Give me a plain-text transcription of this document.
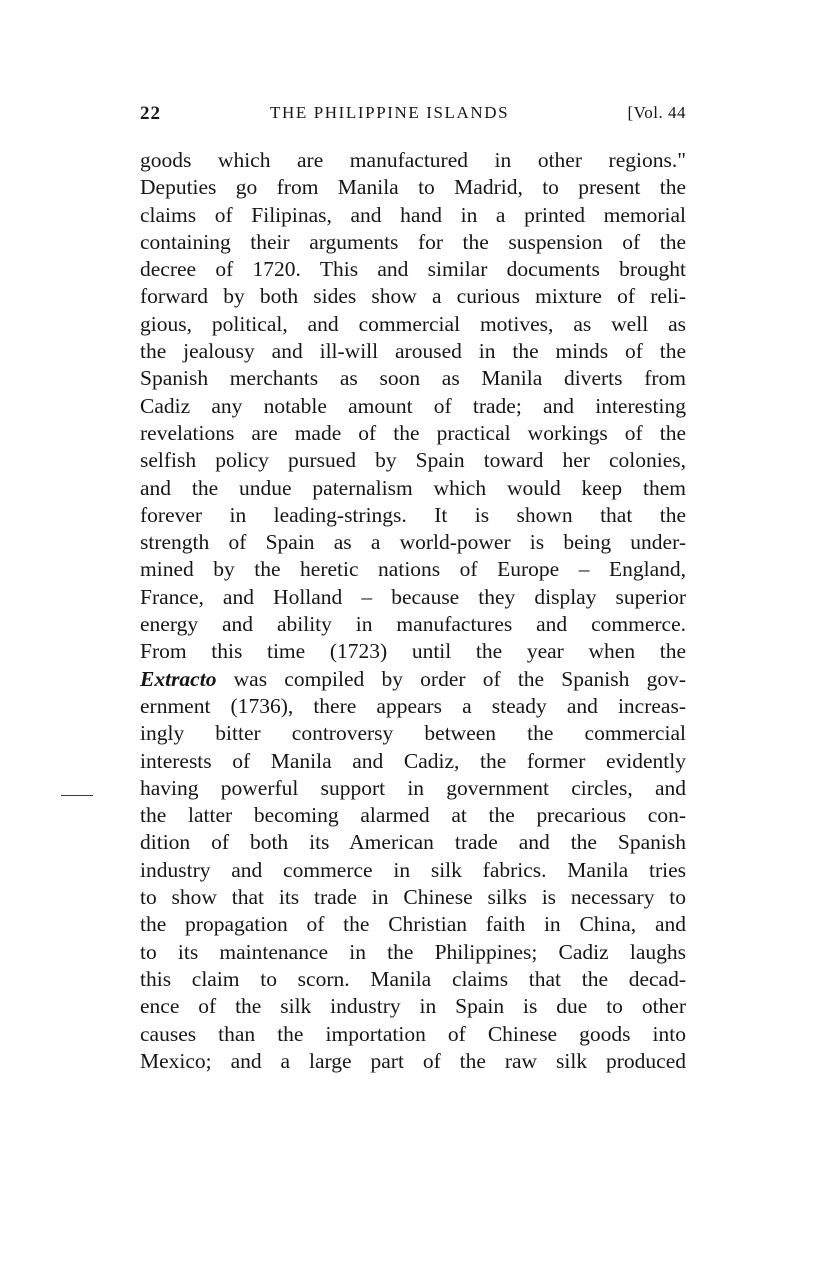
22	THE PHILIPPINE ISLANDS	[Vol. 44
goods which are manufactured in other regions."
Deputies go from Manila to Madrid, to present the
claims of Filipinas, and hand in a printed memorial
containing their arguments for the suspension of the
decree of 1720. This and similar documents brought
forward by both sides show a curious mixture of reli-
gious, political, and commercial motives, as well as
the jealousy and ill-will aroused in the minds of the
Spanish merchants as soon as Manila diverts from
Cadiz any notable amount of trade; and interesting
revelations are made of the practical workings of the
selfish policy pursued by Spain toward her colonies,
and the undue paternalism which would keep them
forever in leading-strings. It is shown that the
strength of Spain as a world-power is being under-
mined by the heretic nations of Europe – England,
France, and Holland – because they display superior
energy and ability in manufactures and commerce.
From this time (1723) until the year when the
Extracto was compiled by order of the Spanish gov-
ernment (1736), there appears a steady and increas-
ingly bitter controversy between the commercial
interests of Manila and Cadiz, the former evidently
having powerful support in government circles, and
the latter becoming alarmed at the precarious con-
dition of both its American trade and the Spanish
industry and commerce in silk fabrics. Manila tries
to show that its trade in Chinese silks is necessary to
the propagation of the Christian faith in China, and
to its maintenance in the Philippines; Cadiz laughs
this claim to scorn. Manila claims that the decad-
ence of the silk industry in Spain is due to other
causes than the importation of Chinese goods into
Mexico; and a large part of the raw silk produced
